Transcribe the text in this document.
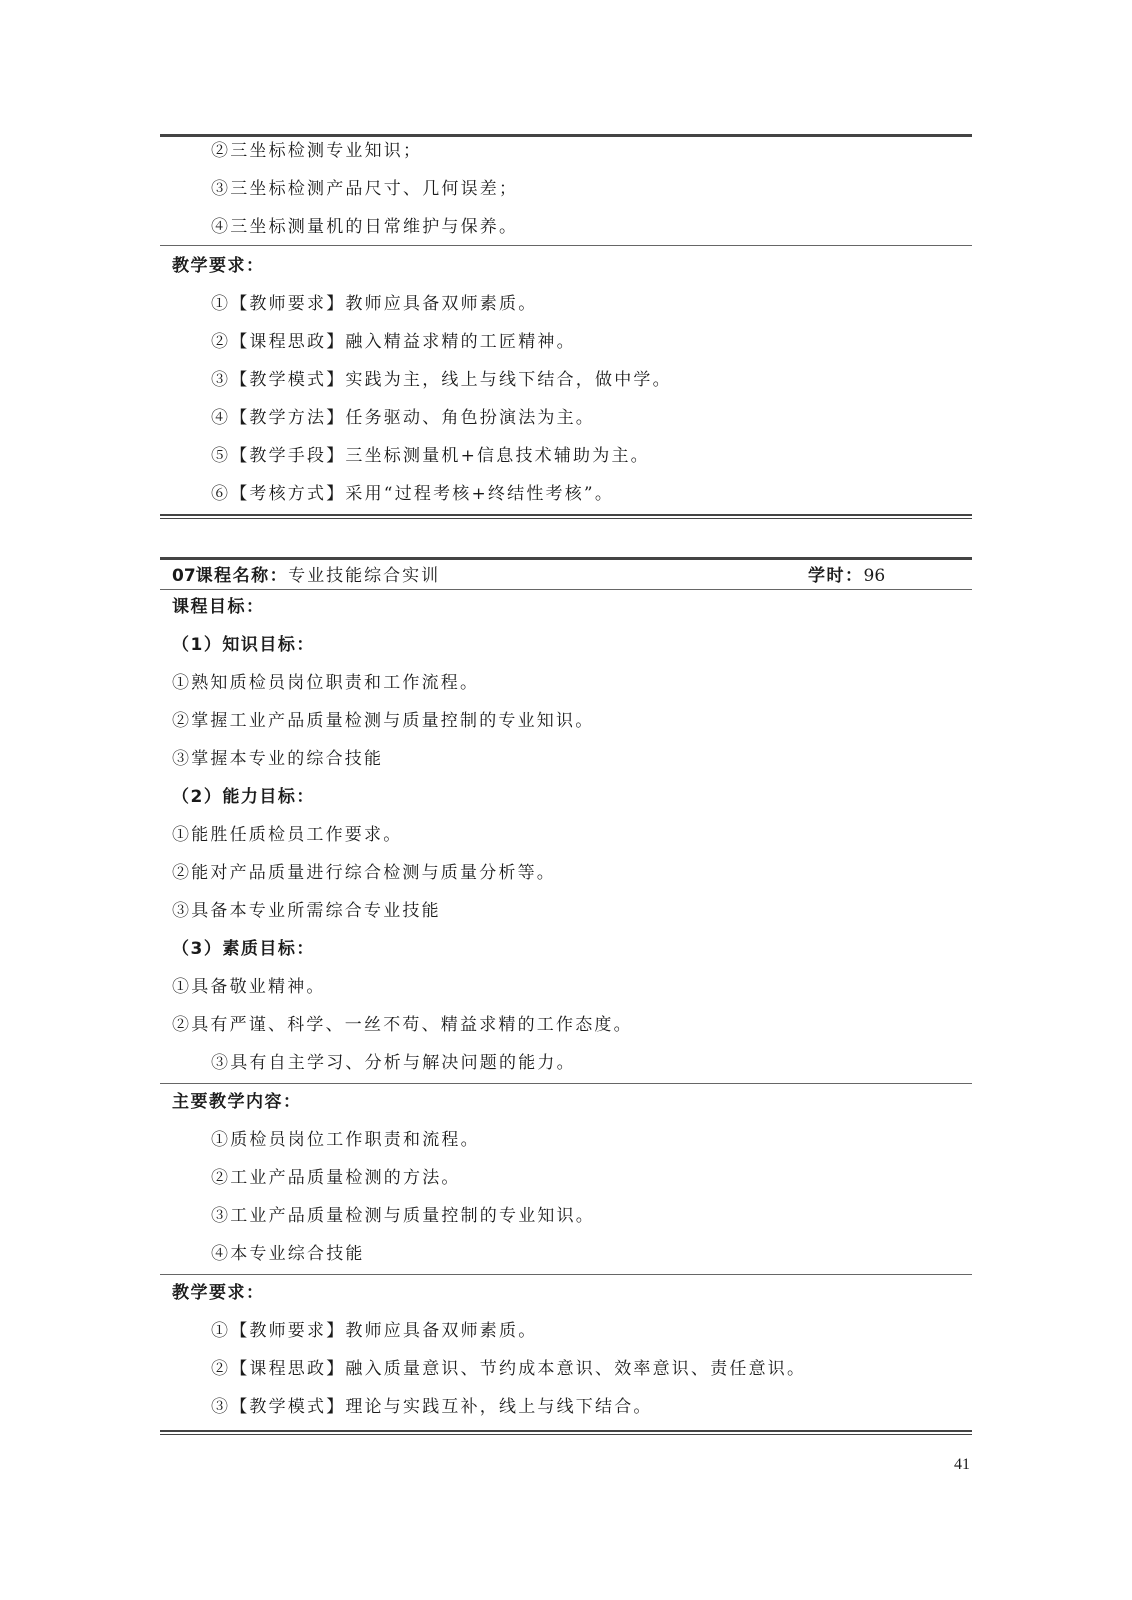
②三坐标检测专业知识；
③三坐标检测产品尺寸、几何误差；
④三坐标测量机的日常维护与保养。
教学要求：
①【教师要求】教师应具备双师素质。
②【课程思政】融入精益求精的工匠精神。
③【教学模式】实践为主，线上与线下结合，做中学。
④【教学方法】任务驱动、角色扮演法为主。
⑤【教学手段】三坐标测量机+信息技术辅助为主。
⑥【考核方式】采用“过程考核+终结性考核”。
07课程名称：专业技能综合实训	学时：96
课程目标：
（1）知识目标：
①熟知质检员岗位职责和工作流程。
②掌握工业产品质量检测与质量控制的专业知识。
③掌握本专业的综合技能
（2）能力目标：
①能胜任质检员工作要求。
②能对产品质量进行综合检测与质量分析等。
③具备本专业所需综合专业技能
（3）素质目标：
①具备敬业精神。
②具有严谨、科学、一丝不苟、精益求精的工作态度。
③具有自主学习、分析与解决问题的能力。
主要教学内容：
①质检员岗位工作职责和流程。
②工业产品质量检测的方法。
③工业产品质量检测与质量控制的专业知识。
④本专业综合技能
教学要求：
①【教师要求】教师应具备双师素质。
②【课程思政】融入质量意识、节约成本意识、效率意识、责任意识。
③【教学模式】理论与实践互补，线上与线下结合。
41
